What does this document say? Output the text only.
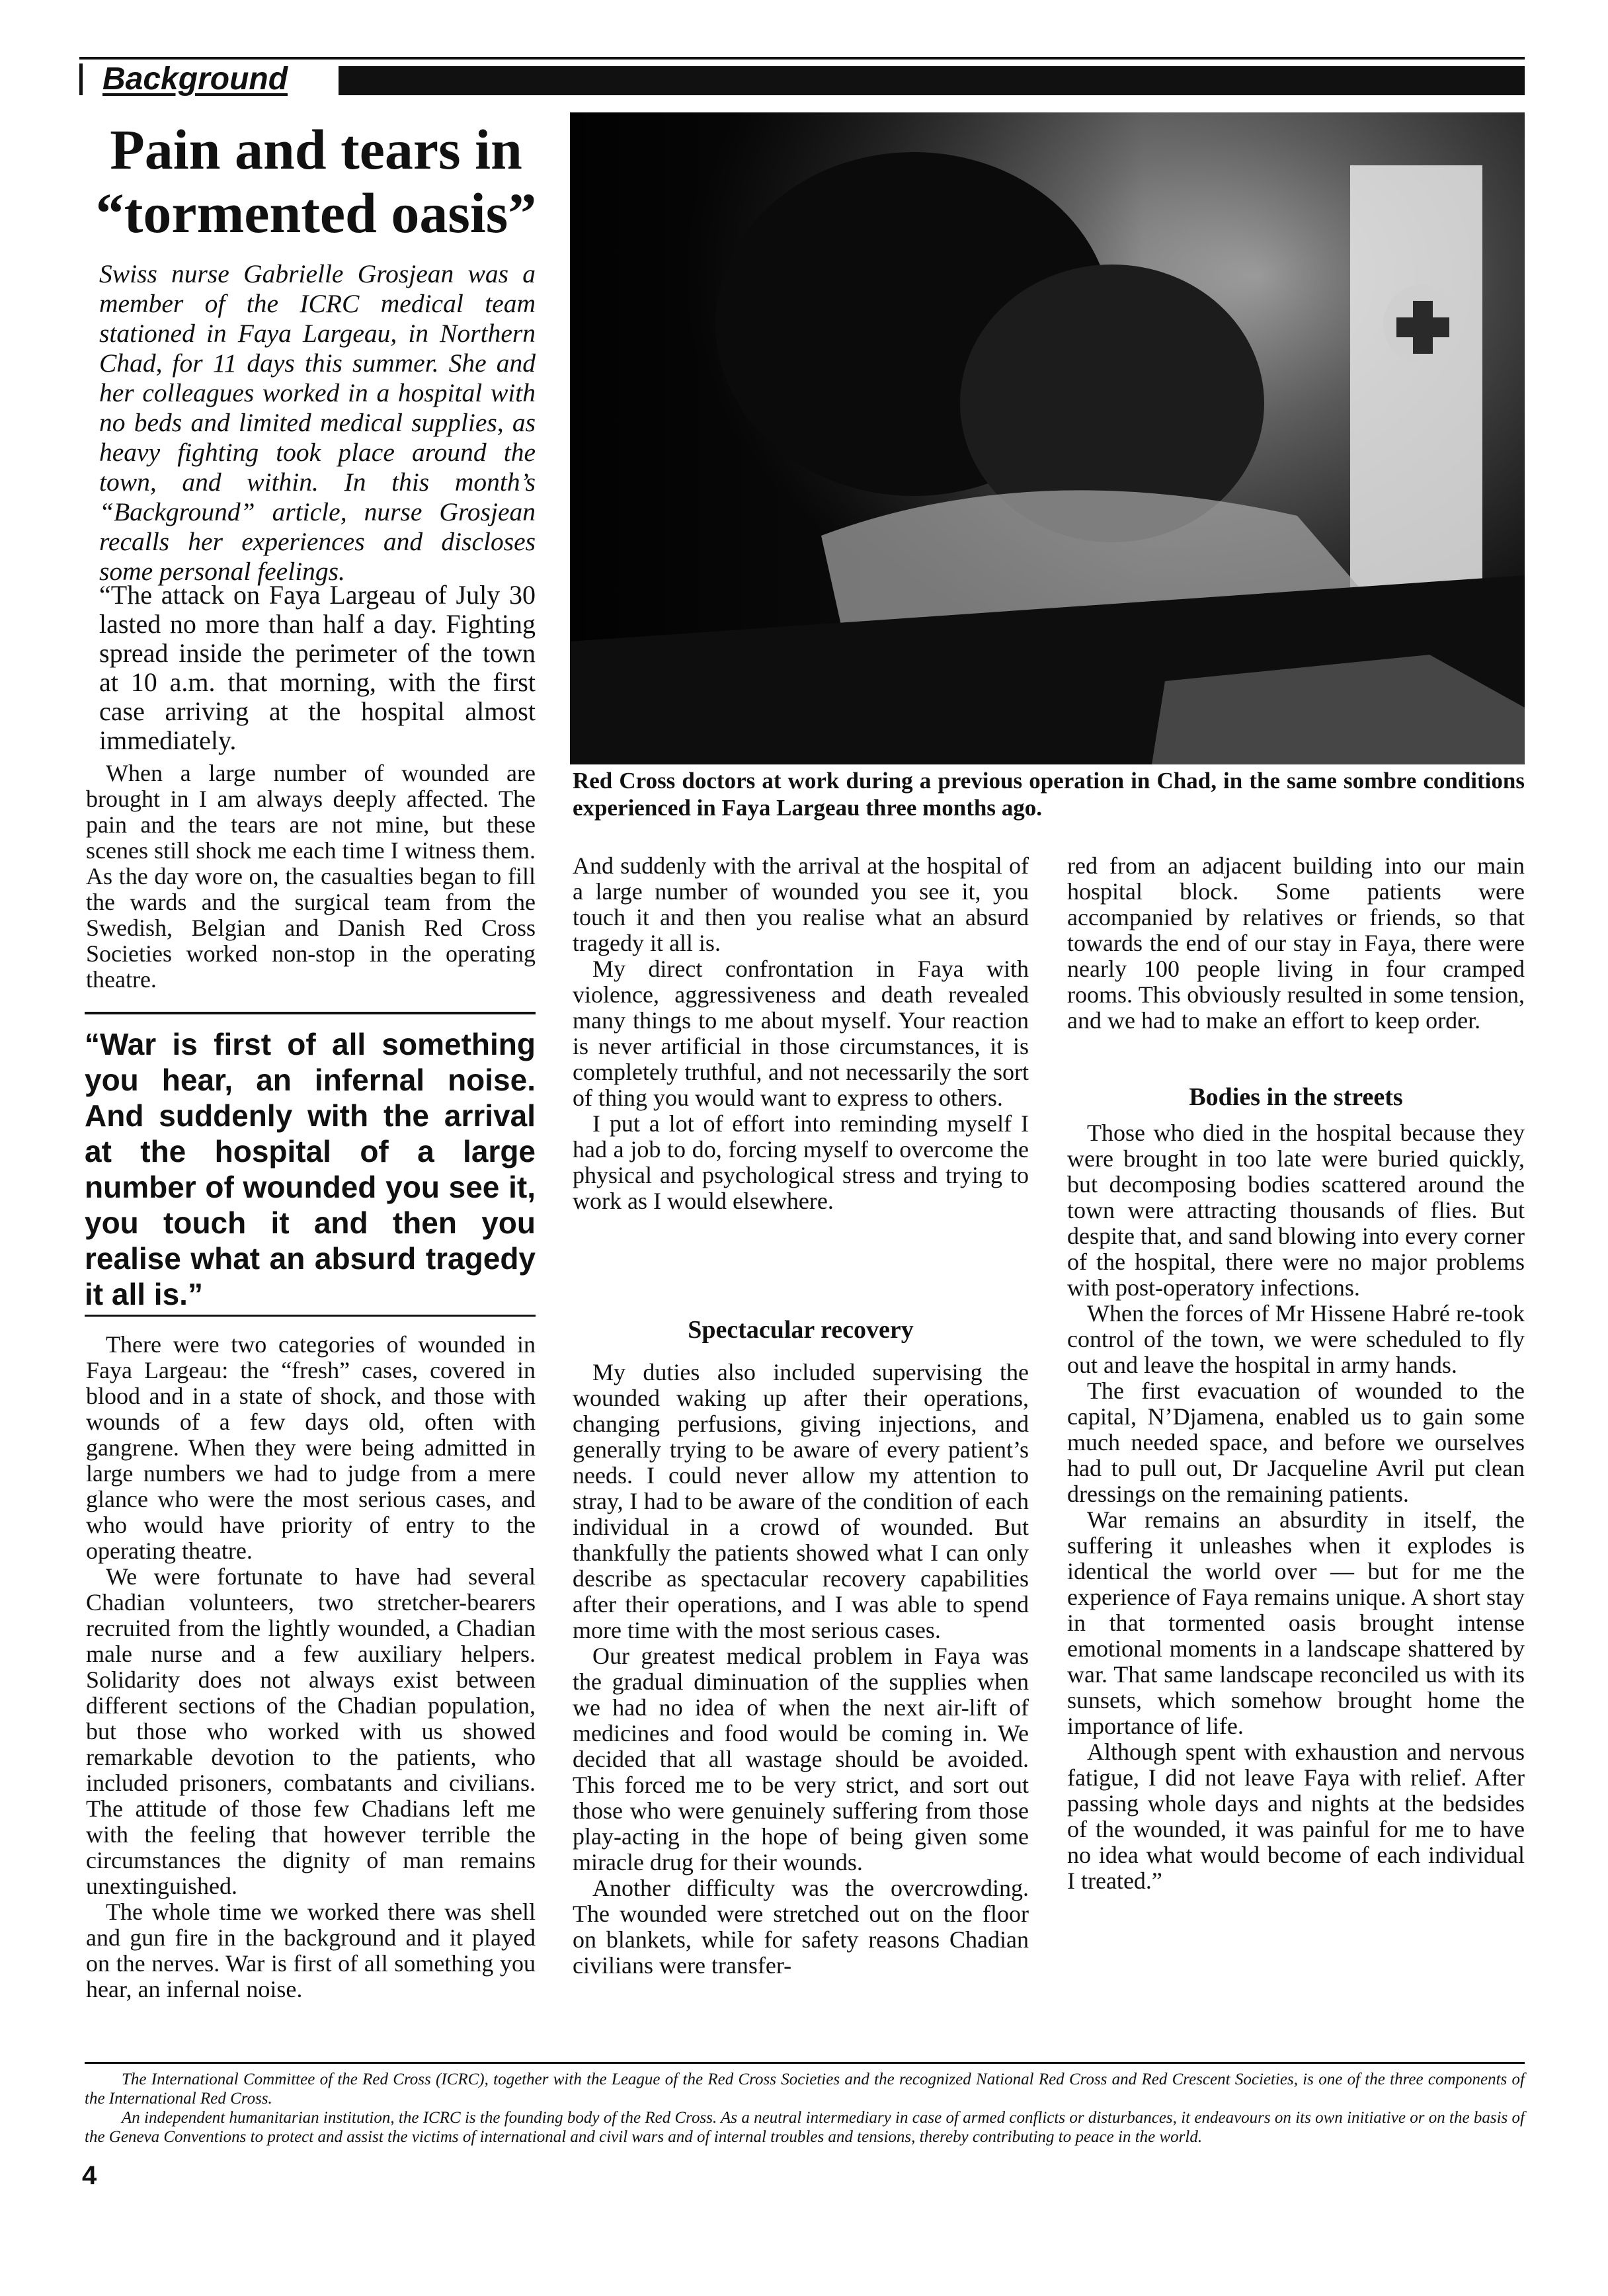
Background
Pain and tears in “tormented oasis”

Swiss nurse Gabrielle Grosjean was a member of the ICRC medical team stationed in Faya Largeau, in Northern Chad, for 11 days this summer. She and her colleagues worked in a hospital with no beds and limited medical supplies, as heavy fighting took place around the town, and within. In this month’s “Background” article, nurse Grosjean recalls her experiences and discloses some personal feelings.

“The attack on Faya Largeau of July 30 lasted no more than half a day. Fighting spread inside the perimeter of the town at 10 a.m. that morning, with the first case arriving at the hospital almost immediately.

When a large number of wounded are brought in I am always deeply affected. The pain and the tears are not mine, but these scenes still shock me each time I witness them. As the day wore on, the casualties began to fill the wards and the surgical team from the Swedish, Belgian and Danish Red Cross Societies worked non-stop in the operating theatre.

“War is first of all something you hear, an infernal noise. And suddenly with the arrival at the hospital of a large number of wounded you see it, you touch it and then you realise what an absurd tragedy it all is.”

There were two categories of wounded in Faya Largeau: the “fresh” cases, covered in blood and in a state of shock, and those with wounds of a few days old, often with gangrene. When they were being admitted in large numbers we had to judge from a mere glance who were the most serious cases, and who would have priority of entry to the operating theatre.

We were fortunate to have had several Chadian volunteers, two stretcher-bearers recruited from the lightly wounded, a Chadian male nurse and a few auxiliary helpers. Solidarity does not always exist between different sections of the Chadian population, but those who worked with us showed remarkable devotion to the patients, who included prisoners, combatants and civilians. The attitude of those few Chadians left me with the feeling that however terrible the circumstances the dignity of man remains unextinguished.

The whole time we worked there was shell and gun fire in the background and it played on the nerves. War is first of all something you hear, an infernal noise.

Red Cross doctors at work during a previous operation in Chad, in the same sombre conditions experienced in Faya Largeau three months ago.

And suddenly with the arrival at the hospital of a large number of wounded you see it, you touch it and then you realise what an absurd tragedy it all is.

My direct confrontation in Faya with violence, aggressiveness and death revealed many things to me about myself. Your reaction is never artificial in those circumstances, it is completely truthful, and not necessarily the sort of thing you would want to express to others.

I put a lot of effort into reminding myself I had a job to do, forcing myself to overcome the physical and psychological stress and trying to work as I would elsewhere.

Spectacular recovery

My duties also included supervising the wounded waking up after their operations, changing perfusions, giving injections, and generally trying to be aware of every patient’s needs. I could never allow my attention to stray, I had to be aware of the condition of each individual in a crowd of wounded. But thankfully the patients showed what I can only describe as spectacular recovery capabilities after their operations, and I was able to spend more time with the most serious cases.

Our greatest medical problem in Faya was the gradual diminuation of the supplies when we had no idea of when the next air-lift of medicines and food would be coming in. We decided that all wastage should be avoided. This forced me to be very strict, and sort out those who were genuinely suffering from those play-acting in the hope of being given some miracle drug for their wounds.

Another difficulty was the overcrowding. The wounded were stretched out on the floor on blankets, while for safety reasons Chadian civilians were transfer-

red from an adjacent building into our main hospital block. Some patients were accompanied by relatives or friends, so that towards the end of our stay in Faya, there were nearly 100 people living in four cramped rooms. This obviously resulted in some tension, and we had to make an effort to keep order.

Bodies in the streets

Those who died in the hospital because they were brought in too late were buried quickly, but decomposing bodies scattered around the town were attracting thousands of flies. But despite that, and sand blowing into every corner of the hospital, there were no major problems with post-operatory infections.

When the forces of Mr Hissene Habré re-took control of the town, we were scheduled to fly out and leave the hospital in army hands.

The first evacuation of wounded to the capital, N’Djamena, enabled us to gain some much needed space, and before we ourselves had to pull out, Dr Jacqueline Avril put clean dressings on the remaining patients.

War remains an absurdity in itself, the suffering it unleashes when it explodes is identical the world over — but for me the experience of Faya remains unique. A short stay in that tormented oasis brought intense emotional moments in a landscape shattered by war. That same landscape reconciled us with its sunsets, which somehow brought home the importance of life.

Although spent with exhaustion and nervous fatigue, I did not leave Faya with relief. After passing whole days and nights at the bedsides of the wounded, it was painful for me to have no idea what would become of each individual I treated.”

The International Committee of the Red Cross (ICRC), together with the League of the Red Cross Societies and the recognized National Red Cross and Red Crescent Societies, is one of the three components of the International Red Cross.

An independent humanitarian institution, the ICRC is the founding body of the Red Cross. As a neutral intermediary in case of armed conflicts or disturbances, it endeavours on its own initiative or on the basis of the Geneva Conventions to protect and assist the victims of international and civil wars and of internal troubles and tensions, thereby contributing to peace in the world.

4
